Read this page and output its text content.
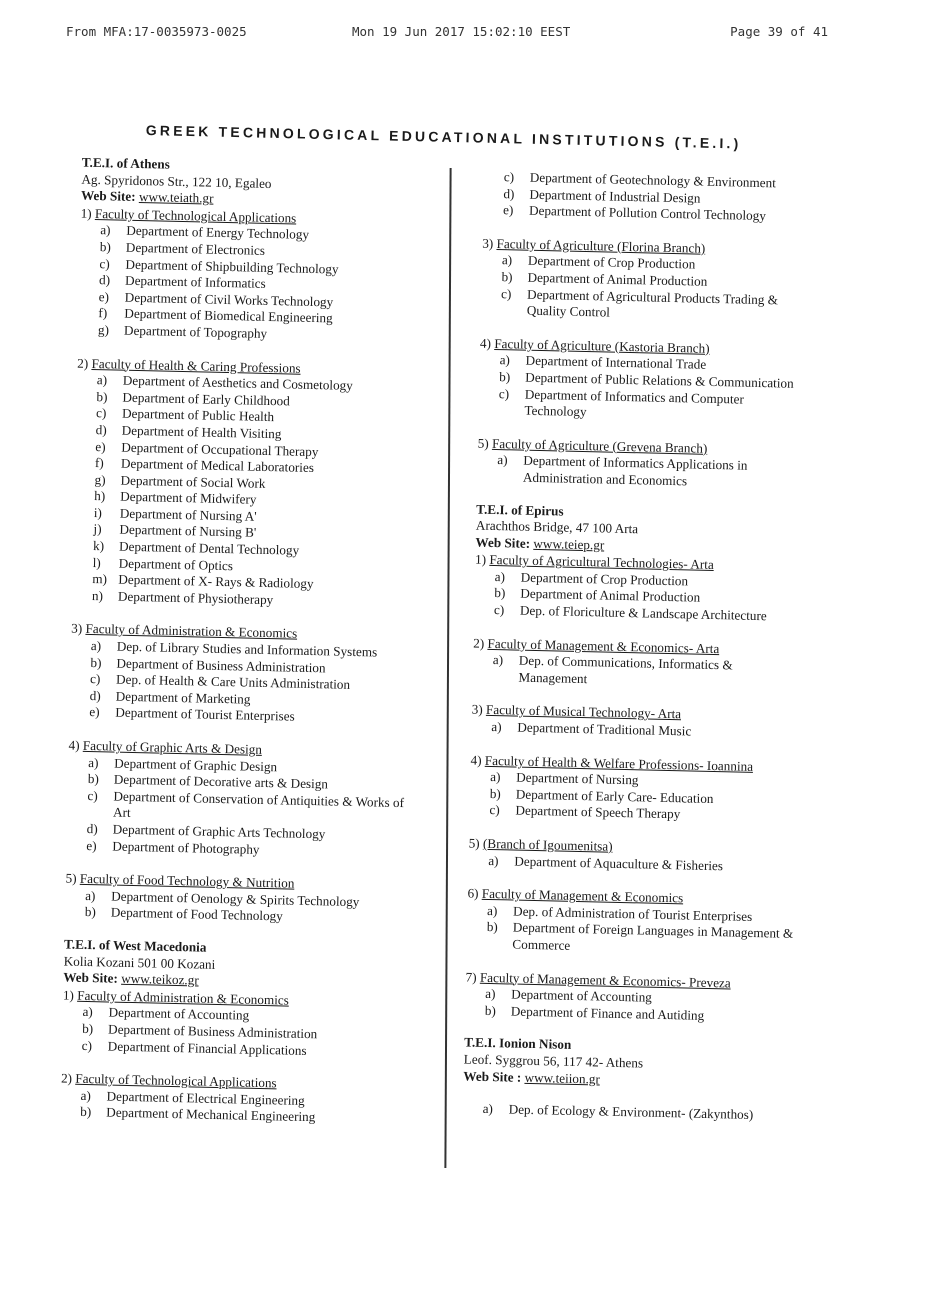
From MFA:17-0035973-0025	Mon 19 Jun 2017 15:02:10 EEST	Page 39 of 41
GREEK TECHNOLOGICAL EDUCATIONAL INSTITUTIONS (T.E.I.)
T.E.I. of Athens
Ag. Spyridonos Str., 122 10, Egaleo
Web Site: www.teiath.gr
1) Faculty of Technological Applications
a) Department of Energy Technology
b) Department of Electronics
c) Department of Shipbuilding Technology
d) Department of Informatics
e) Department of Civil Works Technology
f) Department of Biomedical Engineering
g) Department of Topography
2) Faculty of Health & Caring Professions
a) Department of Aesthetics and Cosmetology
b) Department of Early Childhood
c) Department of Public Health
d) Department of Health Visiting
e) Department of Occupational Therapy
f) Department of Medical Laboratories
g) Department of Social Work
h) Department of Midwifery
i) Department of Nursing A'
j) Department of Nursing B'
k) Department of Dental Technology
l) Department of Optics
m) Department of X- Rays & Radiology
n) Department of Physiotherapy
3) Faculty of Administration & Economics
a) Dep. of Library Studies and Information Systems
b) Department of Business Administration
c) Dep. of Health & Care Units Administration
d) Department of Marketing
e) Department of Tourist Enterprises
4) Faculty of Graphic Arts & Design
a) Department of Graphic Design
b) Department of Decorative arts & Design
c) Department of Conservation of Antiquities & Works of Art
d) Department of Graphic Arts Technology
e) Department of Photography
5) Faculty of Food Technology & Nutrition
a) Department of Oenology & Spirits Technology
b) Department of Food Technology
T.E.I. of West Macedonia
Kolia Kozani 501 00 Kozani
Web Site: www.teikoz.gr
1) Faculty of Administration & Economics
a) Department of Accounting
b) Department of Business Administration
c) Department of Financial Applications
2) Faculty of Technological Applications
a) Department of Electrical Engineering
b) Department of Mechanical Engineering
c) Department of Geotechnology & Environment
d) Department of Industrial Design
e) Department of Pollution Control Technology
3) Faculty of Agriculture (Florina Branch)
a) Department of Crop Production
b) Department of Animal Production
c) Department of Agricultural Products Trading & Quality Control
4) Faculty of Agriculture (Kastoria Branch)
a) Department of International Trade
b) Department of Public Relations & Communication
c) Department of Informatics and Computer Technology
5) Faculty of Agriculture (Grevena Branch)
a) Department of Informatics Applications in Administration and Economics
T.E.I. of Epirus
Arachthos Bridge, 47 100 Arta
Web Site: www.teiep.gr
1) Faculty of Agricultural Technologies- Arta
a) Department of Crop Production
b) Department of Animal Production
c) Dep. of Floriculture & Landscape Architecture
2) Faculty of Management & Economics- Arta
a) Dep. of Communications, Informatics & Management
3) Faculty of Musical Technology- Arta
a) Department of Traditional Music
4) Faculty of Health & Welfare Professions- Ioannina
a) Department of Nursing
b) Department of Early Care- Education
c) Department of Speech Therapy
5) (Branch of Igoumenitsa)
a) Department of Aquaculture & Fisheries
6) Faculty of Management & Economics
a) Dep. of Administration of Tourist Enterprises
b) Department of Foreign Languages in Management & Commerce
7) Faculty of Management & Economics- Preveza
a) Department of Accounting
b) Department of Finance and Autiding
T.E.I. Ionion Nison
Leof. Syggrou 56, 117 42- Athens
Web Site : www.teiion.gr
a) Dep. of Ecology & Environment- (Zakynthos)
